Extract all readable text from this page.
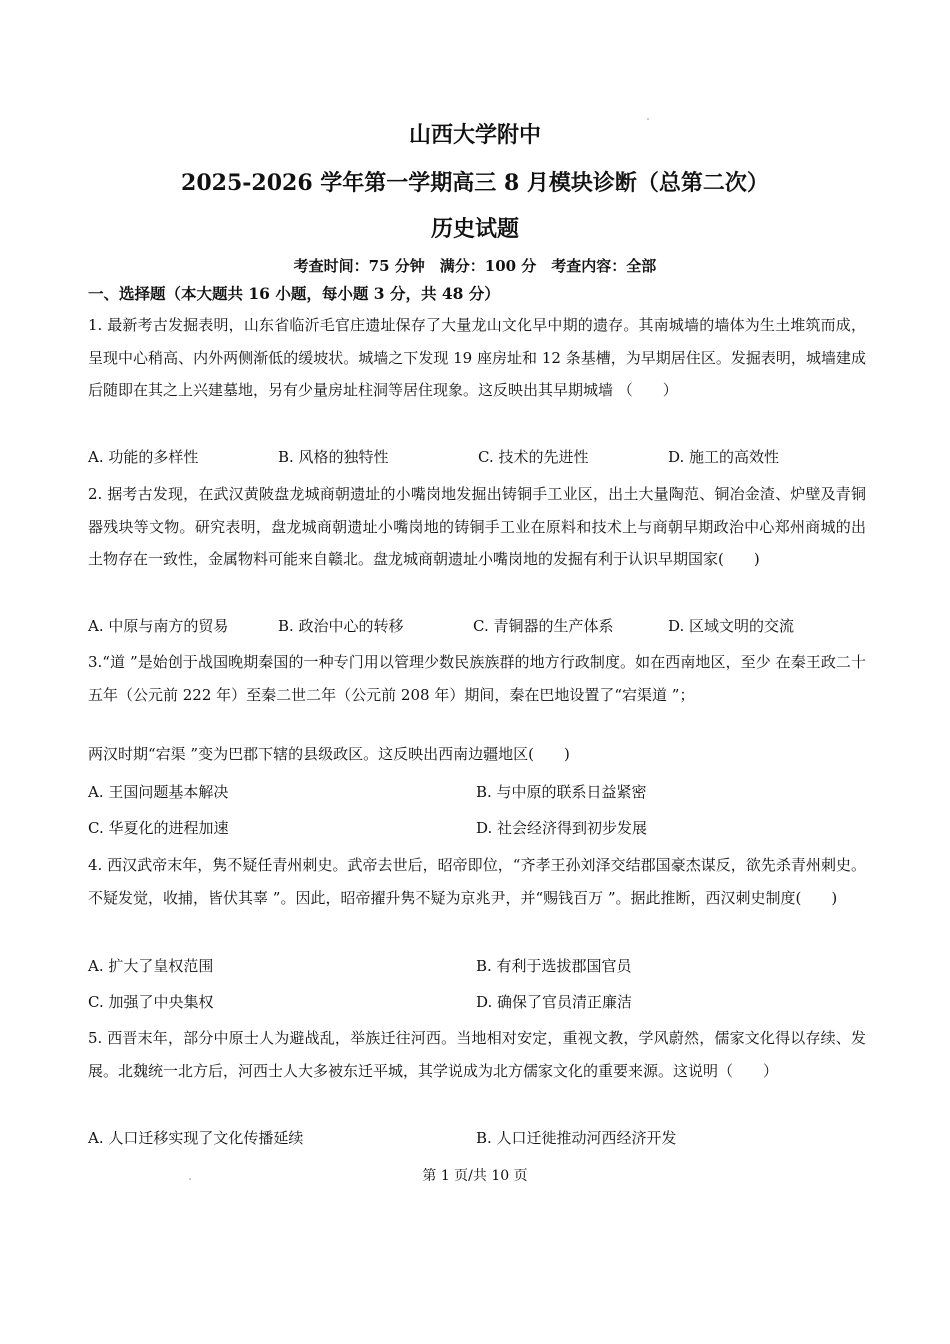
山西大学附中
2025-2026 学年第一学期高三 8 月模块诊断（总第二次）
历史试题
考查时间：75 分钟　满分：100 分　考查内容：全部
一、选择题（本大题共 16 小题，每小题 3 分，共 48 分）
1. 最新考古发掘表明，山东省临沂毛官庄遗址保存了大量龙山文化早中期的遗存。其南城墙的墙体为生土堆筑而成，呈现中心稍高、内外两侧渐低的缓坡状。城墙之下发现 19 座房址和 12 条基槽，为早期居住区。发掘表明，城墙建成后随即在其之上兴建墓地，另有少量房址柱洞等居住现象。这反映出其早期城墙 （　　）
A. 功能的多样性	B. 风格的独特性	C. 技术的先进性	D. 施工的高效性
2. 据考古发现，在武汉黄陂盘龙城商朝遗址的小嘴岗地发掘出铸铜手工业区，出土大量陶范、铜冶金渣、炉壁及青铜器残块等文物。研究表明，盘龙城商朝遗址小嘴岗地的铸铜手工业在原料和技术上与商朝早期政治中心郑州商城的出土物存在一致性，金属物料可能来自赣北。盘龙城商朝遗址小嘴岗地的发掘有利于认识早期国家(　　)
A. 中原与南方的贸易	B. 政治中心的转移	C. 青铜器的生产体系	D. 区域文明的交流
3.“道 ”是始创于战国晚期秦国的一种专门用以管理少数民族族群的地方行政制度。如在西南地区，至少 在秦王政二十五年（公元前 222 年）至秦二世二年（公元前 208 年）期间，秦在巴地设置了“宕渠道 ”；
两汉时期“宕渠 ”变为巴郡下辖的县级政区。这反映出西南边疆地区(　　)
A. 王国问题基本解决	B. 与中原的联系日益紧密
C. 华夏化的进程加速	D. 社会经济得到初步发展
4. 西汉武帝末年，隽不疑任青州刺史。武帝去世后，昭帝即位，“齐孝王孙刘泽交结郡国豪杰谋反，欲先杀青州刺史。不疑发觉，收捕，皆伏其辜 ”。因此，昭帝擢升隽不疑为京兆尹，并“赐钱百万 ”。据此推断，西汉刺史制度(　　)
A. 扩大了皇权范围	B. 有利于选拔郡国官员
C. 加强了中央集权	D. 确保了官员清正廉洁
5. 西晋末年，部分中原士人为避战乱，举族迁往河西。当地相对安定，重视文教，学风蔚然，儒家文化得以存续、发展。北魏统一北方后，河西士人大多被东迁平城，其学说成为北方儒家文化的重要来源。这说明（　　）
A. 人口迁移实现了文化传播延续	B. 人口迁徙推动河西经济开发
第 1 页/共 10 页
